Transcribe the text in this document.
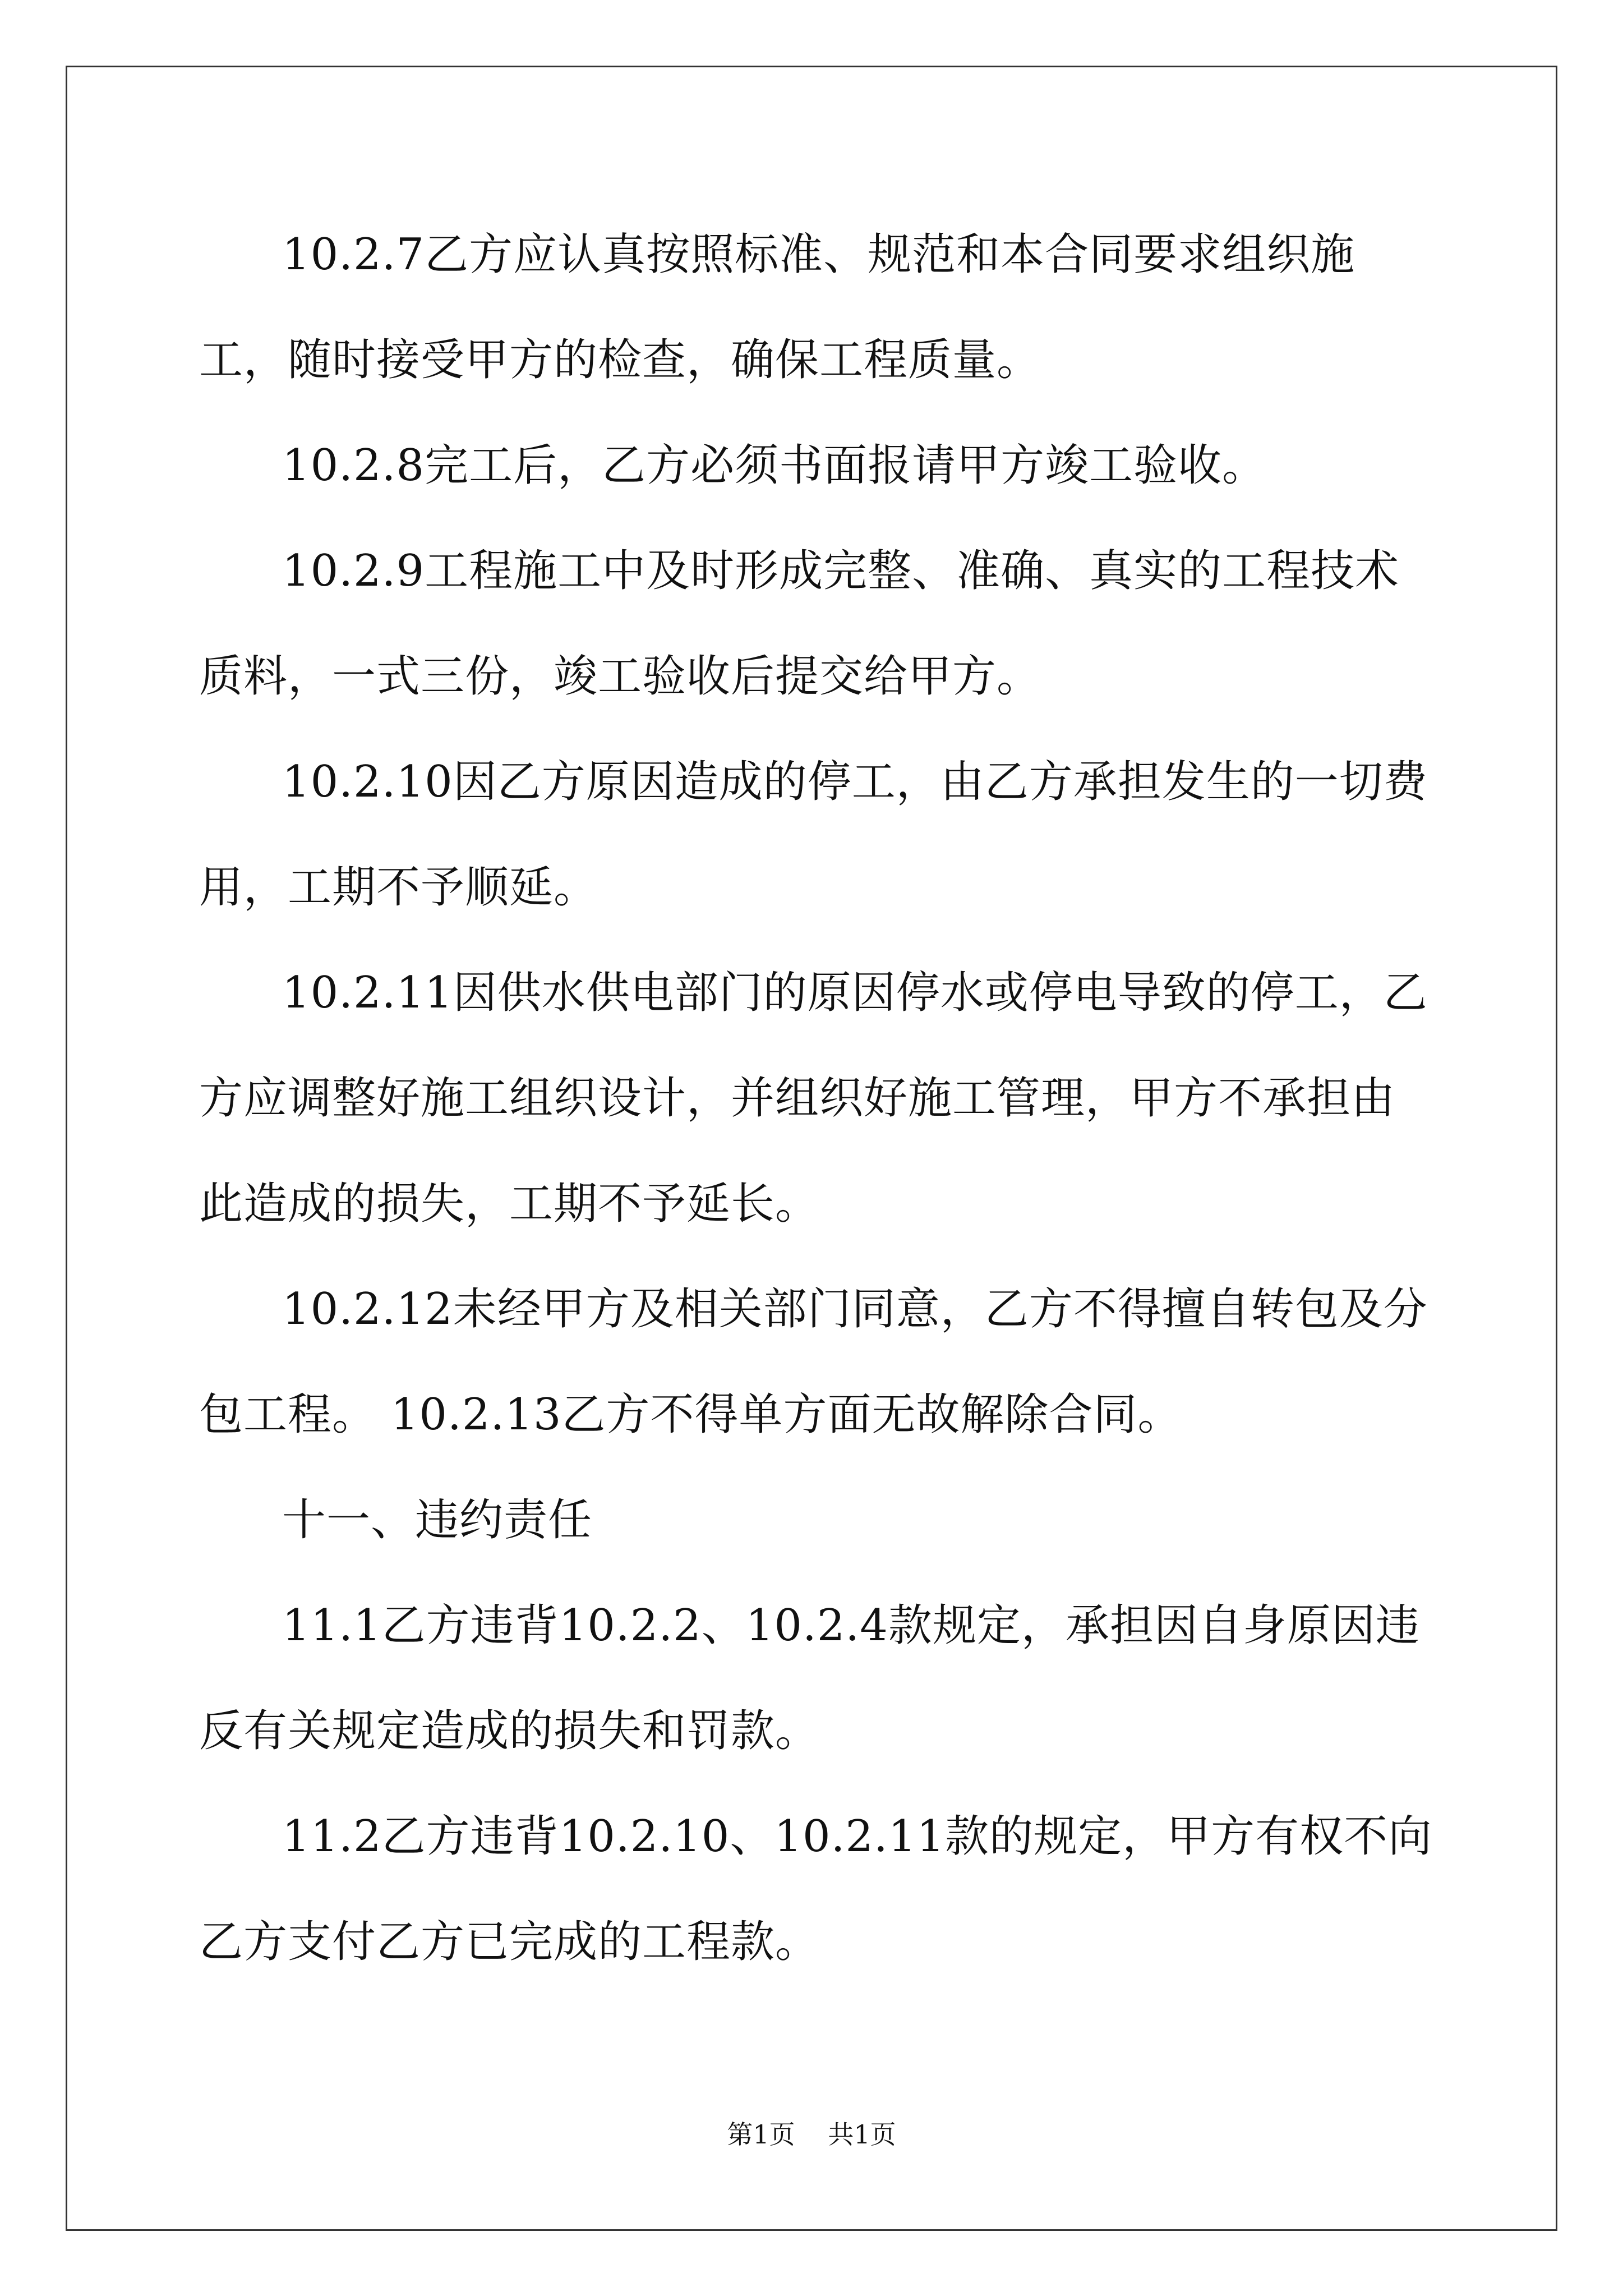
10.2.7乙方应认真按照标准、规范和本合同要求组织施工，随时接受甲方的检查，确保工程质量。

10.2.8完工后，乙方必须书面报请甲方竣工验收。

10.2.9工程施工中及时形成完整、准确、真实的工程技术质料，一式三份，竣工验收后提交给甲方。

10.2.10因乙方原因造成的停工，由乙方承担发生的一切费用，工期不予顺延。

10.2.11因供水供电部门的原因停水或停电导致的停工，乙方应调整好施工组织设计，并组织好施工管理，甲方不承担由此造成的损失，工期不予延长。

10.2.12未经甲方及相关部门同意，乙方不得擅自转包及分包工程。 10.2.13乙方不得单方面无故解除合同。

十一、违约责任

11.1乙方违背10.2.2、10.2.4款规定，承担因自身原因违反有关规定造成的损失和罚款。

11.2乙方违背10.2.10、10.2.11款的规定，甲方有权不向乙方支付乙方已完成的工程款。

第1页 共1页
